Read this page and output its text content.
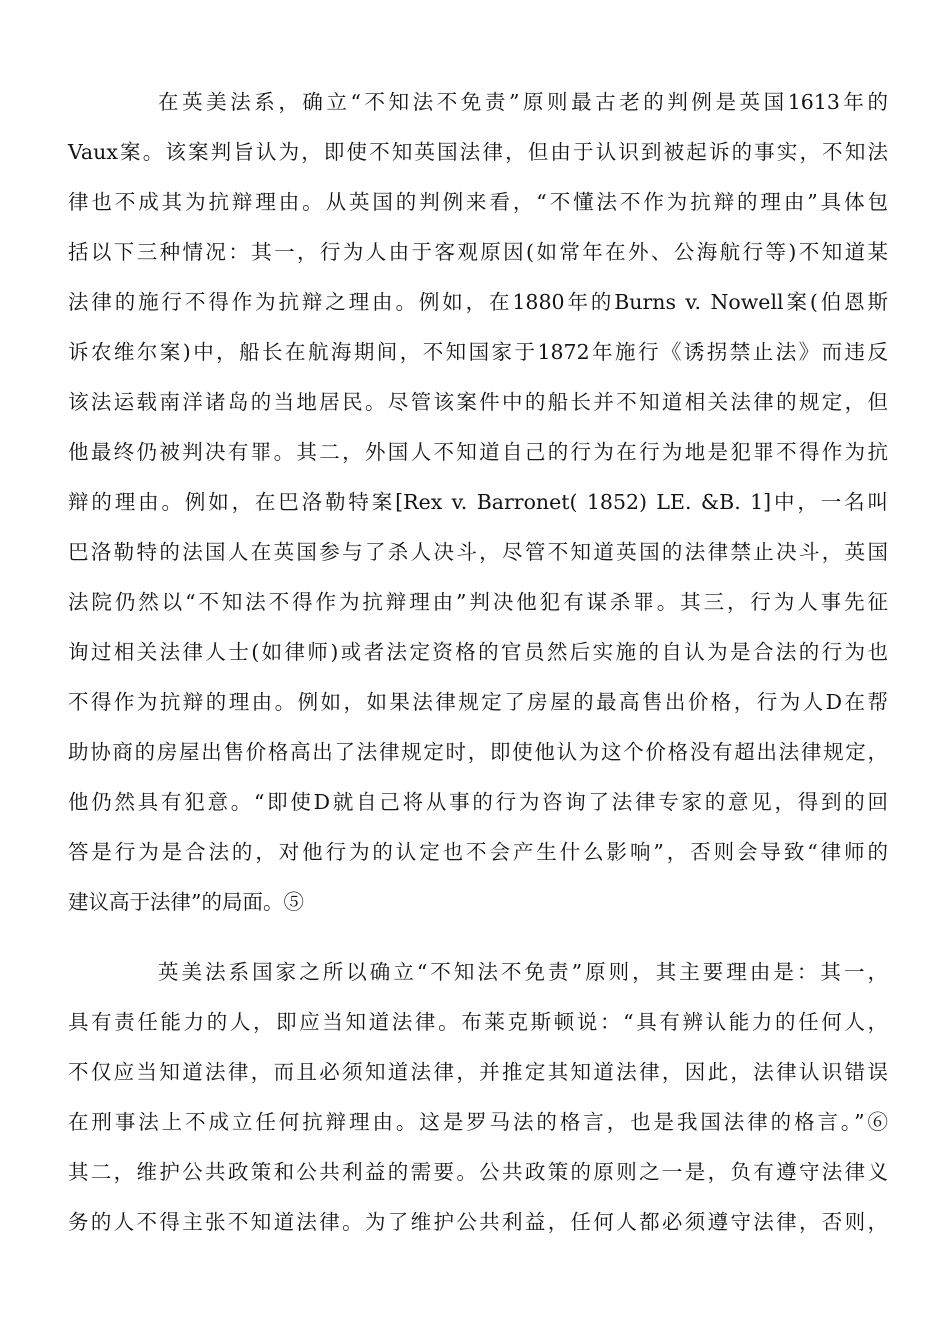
在英美法系，确立“不知法不免责”原则最古老的判例是英国1613年的
Vaux案。该案判旨认为，即使不知英国法律，但由于认识到被起诉的事实，不知法
律也不成其为抗辩理由。从英国的判例来看，“不懂法不作为抗辩的理由”具体包
括以下三种情况：其一，行为人由于客观原因(如常年在外、公海航行等)不知道某
法律的施行不得作为抗辩之理由。例如，在1880年的Burns v. Nowell案(伯恩斯
诉农维尔案)中，船长在航海期间，不知国家于1872年施行《诱拐禁止法》而违反
该法运载南洋诸岛的当地居民。尽管该案件中的船长并不知道相关法律的规定，但
他最终仍被判决有罪。其二，外国人不知道自己的行为在行为地是犯罪不得作为抗
辩的理由。例如，在巴洛勒特案[Rex v. Barronet( 1852) LE. &B. 1]中，一名叫
巴洛勒特的法国人在英国参与了杀人决斗，尽管不知道英国的法律禁止决斗，英国
法院仍然以“不知法不得作为抗辩理由”判决他犯有谋杀罪。其三，行为人事先征
询过相关法律人士(如律师)或者法定资格的官员然后实施的自认为是合法的行为也
不得作为抗辩的理由。例如，如果法律规定了房屋的最高售出价格，行为人D在帮
助协商的房屋出售价格高出了法律规定时，即使他认为这个价格没有超出法律规定，
他仍然具有犯意。“即使D就自己将从事的行为咨询了法律专家的意见，得到的回
答是行为是合法的，对他行为的认定也不会产生什么影响”，否则会导致“律师的
建议高于法律”的局面。⑤
英美法系国家之所以确立“不知法不免责”原则，其主要理由是：其一，
具有责任能力的人，即应当知道法律。布莱克斯顿说：“具有辨认能力的任何人，
不仅应当知道法律，而且必须知道法律，并推定其知道法律，因此，法律认识错误
在刑事法上不成立任何抗辩理由。这是罗马法的格言，也是我国法律的格言。”⑥
其二，维护公共政策和公共利益的需要。公共政策的原则之一是，负有遵守法律义
务的人不得主张不知道法律。为了维护公共利益，任何人都必须遵守法律，否则，
